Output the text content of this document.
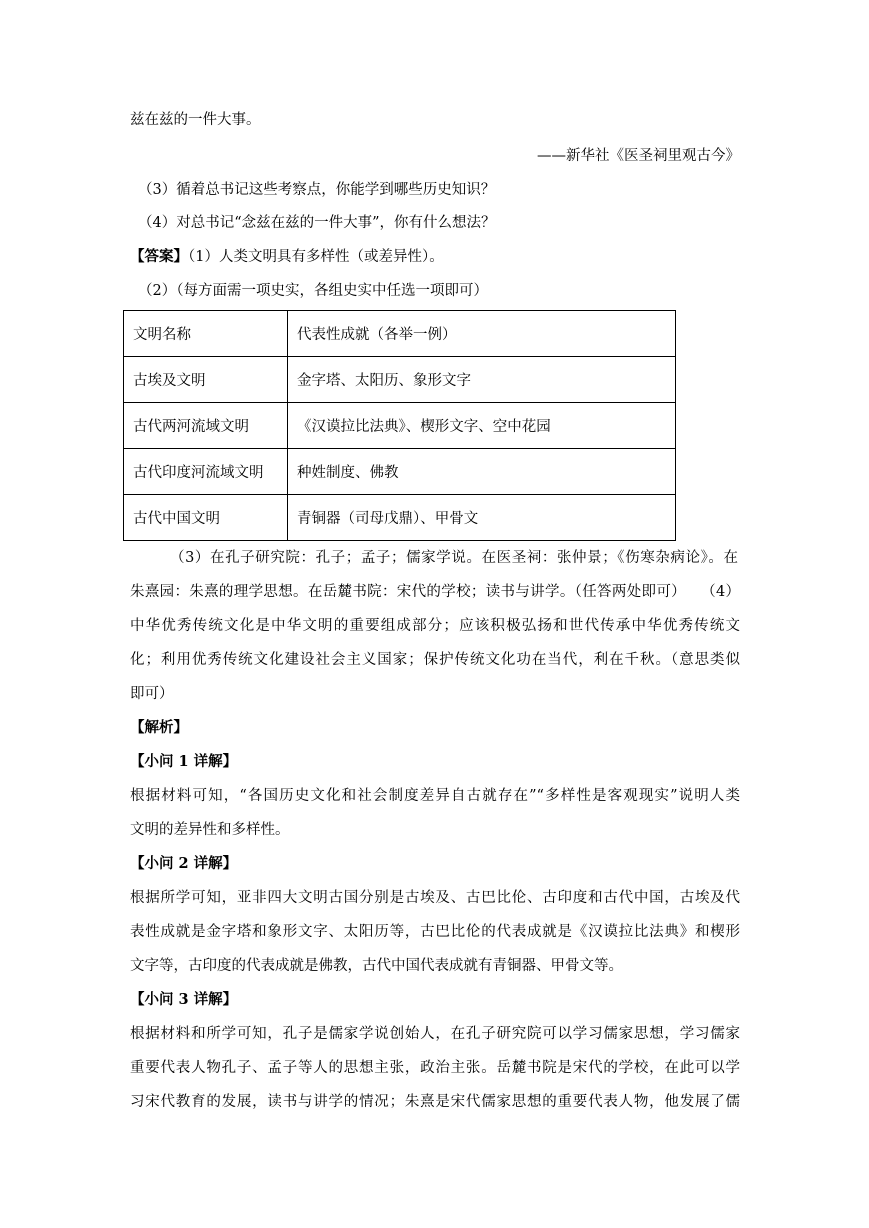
兹在兹的一件大事。
——新华社《医圣祠里观古今》
（3）循着总书记这些考察点，你能学到哪些历史知识？
（4）对总书记“念兹在兹的一件大事”，你有什么想法？
【答案】（1）人类文明具有多样性（或差异性）。
（2）（每方面需一项史实，各组史实中任选一项即可）
文明名称	代表性成就（各举一例）
古埃及文明	金字塔、太阳历、象形文字
古代两河流域文明	《汉谟拉比法典》、楔形文字、空中花园
古代印度河流域文明	种姓制度、佛教
古代中国文明	青铜器（司母戊鼎）、甲骨文
（3）在孔子研究院：孔子；孟子；儒家学说。在医圣祠：张仲景；《伤寒杂病论》。在
朱熹园：朱熹的理学思想。在岳麓书院：宋代的学校；读书与讲学。（任答两处即可）　　（4）
中华优秀传统文化是中华文明的重要组成部分；应该积极弘扬和世代传承中华优秀传统文
化；利用优秀传统文化建设社会主义国家；保护传统文化功在当代，利在千秋。（意思类似
即可）
【解析】
【小问 1 详解】
根据材料可知，“各国历史文化和社会制度差异自古就存在”“多样性是客观现实”说明人类
文明的差异性和多样性。
【小问 2 详解】
根据所学可知，亚非四大文明古国分别是古埃及、古巴比伦、古印度和古代中国，古埃及代
表性成就是金字塔和象形文字、太阳历等，古巴比伦的代表成就是《汉谟拉比法典》和楔形
文字等，古印度的代表成就是佛教，古代中国代表成就有青铜器、甲骨文等。
【小问 3 详解】
根据材料和所学可知，孔子是儒家学说创始人，在孔子研究院可以学习儒家思想，学习儒家
重要代表人物孔子、孟子等人的思想主张，政治主张。岳麓书院是宋代的学校，在此可以学
习宋代教育的发展，读书与讲学的情况；朱熹是宋代儒家思想的重要代表人物，他发展了儒
